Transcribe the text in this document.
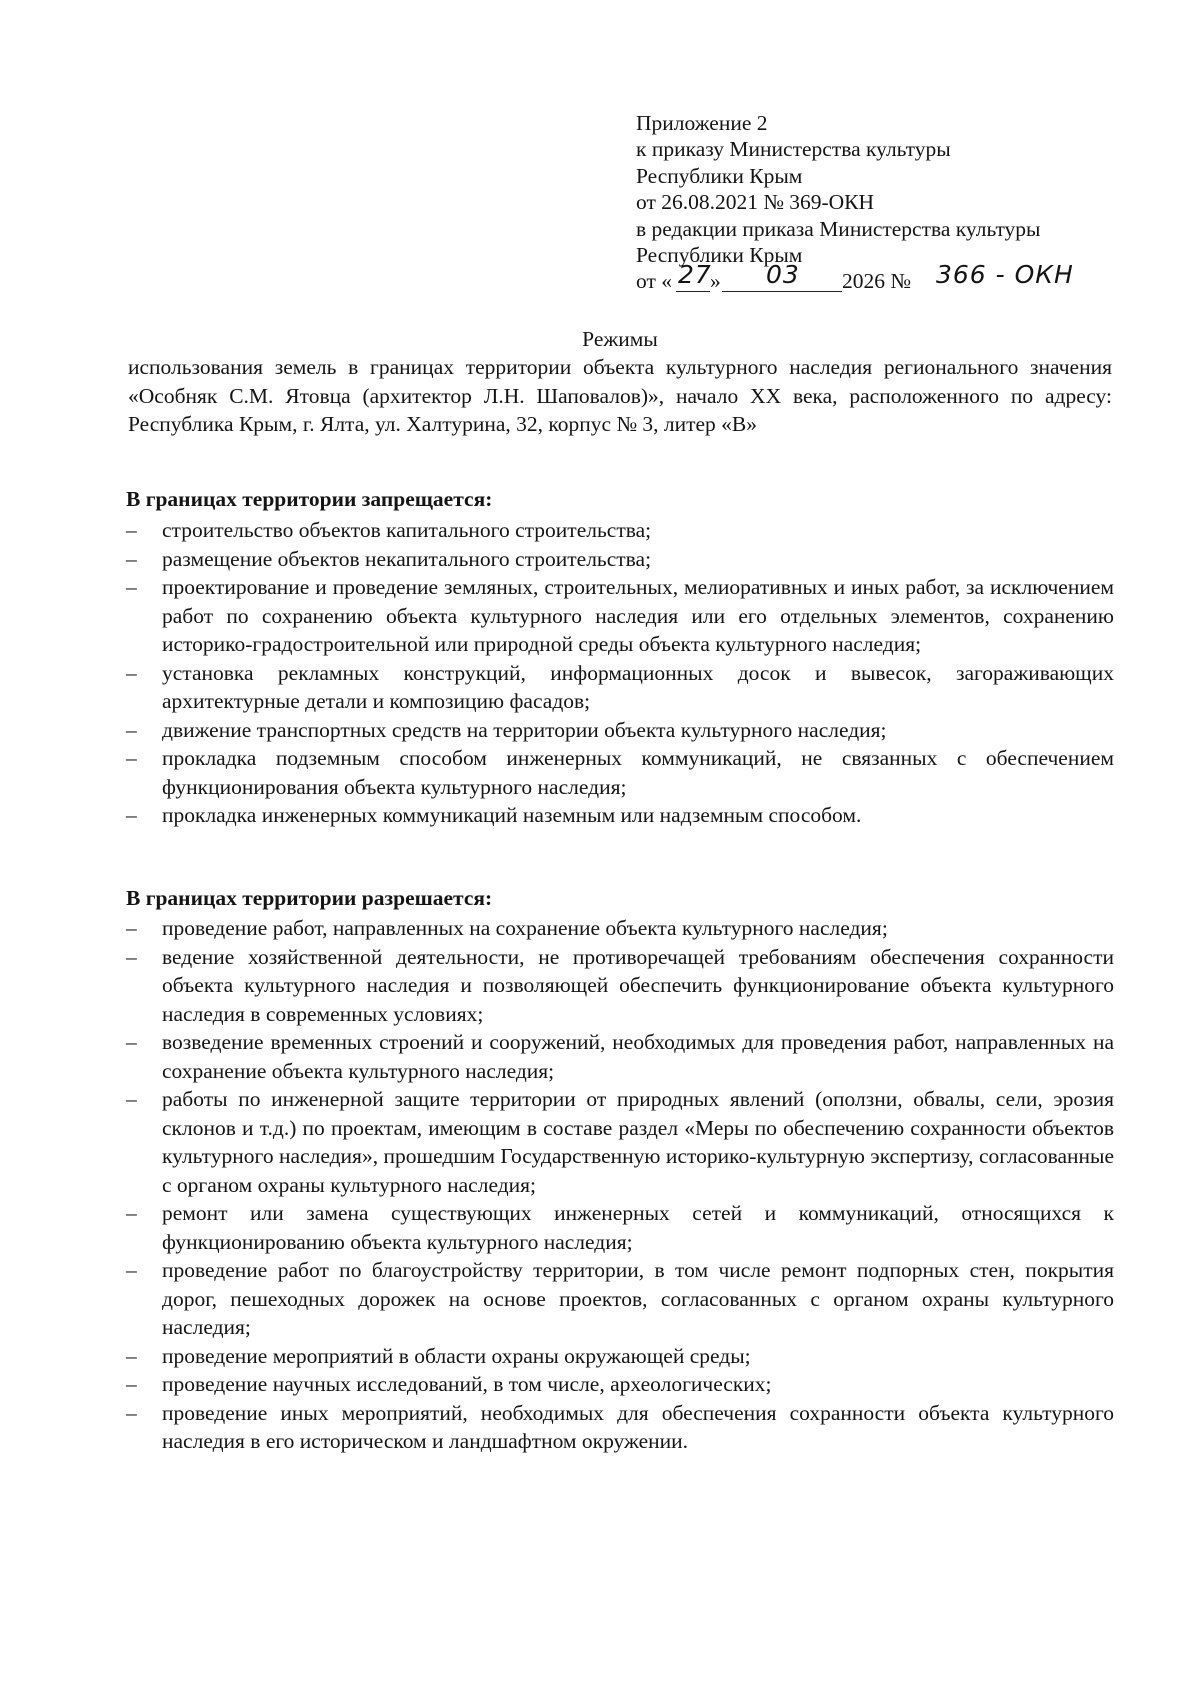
Приложение 2
к приказу Министерства культуры
Республики Крым
от 26.08.2021 № 369-ОКН
в редакции приказа Министерства культуры
Республики Крым
от « 27
» 03 2026 № 366 - ОКН
Режимы
использования земель в границах территории объекта культурного наследия регионального значения «Особняк С.М. Ятовца (архитектор Л.Н. Шаповалов)», начало XX века, расположенного по адресу: Республика Крым, г. Ялта, ул. Халтурина, 32, корпус № 3, литер «В»
В границах территории запрещается:
– строительство объектов капитального строительства;
– размещение объектов некапитального строительства;
– проектирование и проведение земляных, строительных, мелиоративных и иных работ, за исключением работ по сохранению объекта культурного наследия или его отдельных элементов, сохранению историко-градостроительной или природной среды объекта культурного наследия;
– установка рекламных конструкций, информационных досок и вывесок, загораживающих архитектурные детали и композицию фасадов;
– движение транспортных средств на территории объекта культурного наследия;
– прокладка подземным способом инженерных коммуникаций, не связанных с обеспечением функционирования объекта культурного наследия;
– прокладка инженерных коммуникаций наземным или надземным способом.
В границах территории разрешается:
– проведение работ, направленных на сохранение объекта культурного наследия;
– ведение хозяйственной деятельности, не противоречащей требованиям обеспечения сохранности объекта культурного наследия и позволяющей обеспечить функционирование объекта культурного наследия в современных условиях;
– возведение временных строений и сооружений, необходимых для проведения работ, направленных на сохранение объекта культурного наследия;
– работы по инженерной защите территории от природных явлений (оползни, обвалы, сели, эрозия склонов и т.д.) по проектам, имеющим в составе раздел «Меры по обеспечению сохранности объектов культурного наследия», прошедшим Государственную историко-культурную экспертизу, согласованные с органом охраны культурного наследия;
– ремонт или замена существующих инженерных сетей и коммуникаций, относящихся к функционированию объекта культурного наследия;
– проведение работ по благоустройству территории, в том числе ремонт подпорных стен, покрытия дорог, пешеходных дорожек на основе проектов, согласованных с органом охраны культурного наследия;
– проведение мероприятий в области охраны окружающей среды;
– проведение научных исследований, в том числе, археологических;
– проведение иных мероприятий, необходимых для обеспечения сохранности объекта культурного наследия в его историческом и ландшафтном окружении.
